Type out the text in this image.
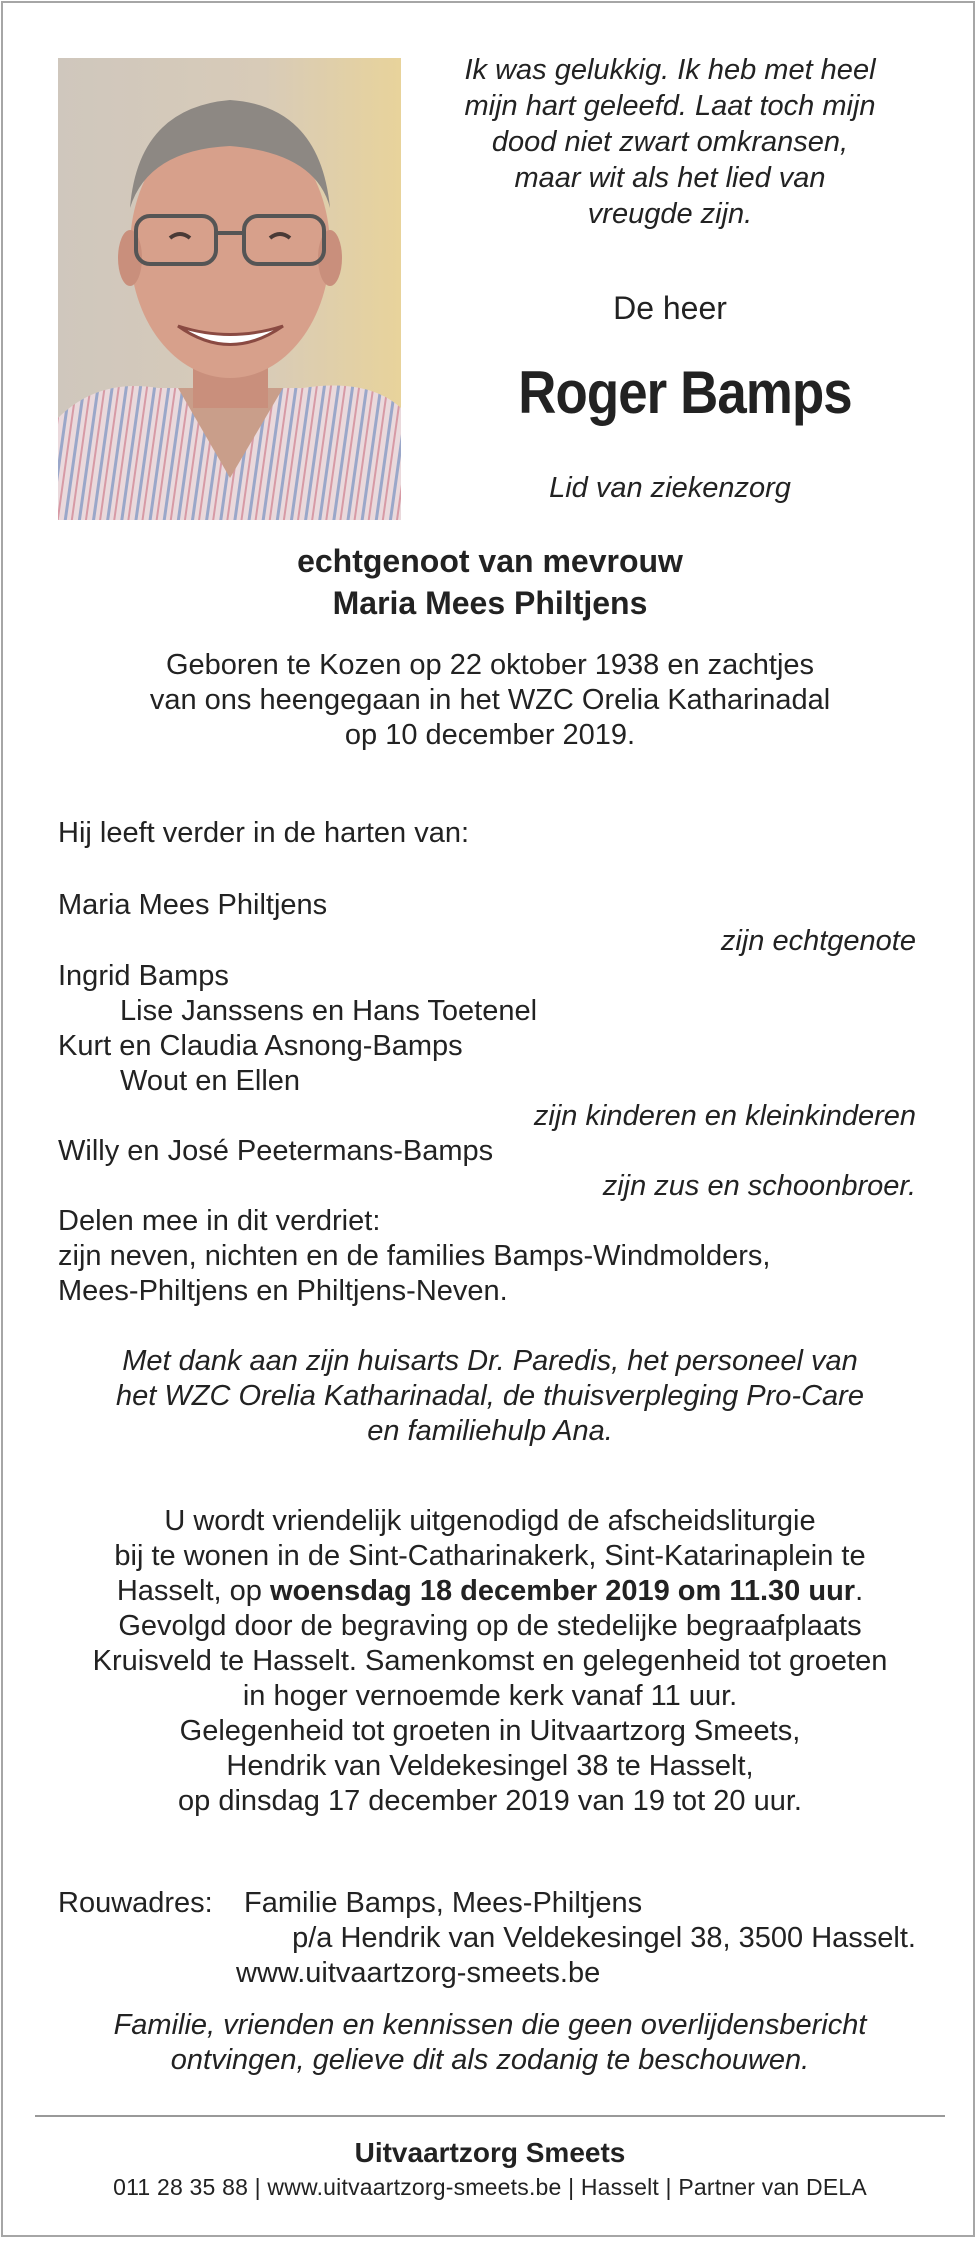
Ik was gelukkig. Ik heb met heel
mijn hart geleefd. Laat toch mijn
dood niet zwart omkransen,
maar wit als het lied van
vreugde zijn.
De heer
Roger Bamps
Lid van ziekenzorg
echtgenoot van mevrouw
Maria Mees Philtjens
Geboren te Kozen op 22 oktober 1938 en zachtjes
van ons heengegaan in het WZC Orelia Katharinadal
op 10 december 2019.
Hij leeft verder in de harten van:
Maria Mees Philtjens
zijn echtgenote
Ingrid Bamps
Lise Janssens en Hans Toetenel
Kurt en Claudia Asnong-Bamps
Wout en Ellen
zijn kinderen en kleinkinderen
Willy en José Peetermans-Bamps
zijn zus en schoonbroer.
Delen mee in dit verdriet:
zijn neven, nichten en de families Bamps-Windmolders,
Mees-Philtjens en Philtjens-Neven.
Met dank aan zijn huisarts Dr. Paredis, het personeel van
het WZC Orelia Katharinadal, de thuisverpleging Pro-Care
en familiehulp Ana.
U wordt vriendelijk uitgenodigd de afscheidsliturgie
bij te wonen in de Sint-Catharinakerk, Sint-Katarinaplein te
Hasselt, op woensdag 18 december 2019 om 11.30 uur.
Gevolgd door de begraving op de stedelijke begraafplaats
Kruisveld te Hasselt. Samenkomst en gelegenheid tot groeten
in hoger vernoemde kerk vanaf 11 uur.
Gelegenheid tot groeten in Uitvaartzorg Smeets,
Hendrik van Veldekesingel 38 te Hasselt,
op dinsdag 17 december 2019 van 19 tot 20 uur.
Rouwadres: Familie Bamps, Mees-Philtjens
p/a Hendrik van Veldekesingel 38, 3500 Hasselt.
www.uitvaartzorg-smeets.be
Familie, vrienden en kennissen die geen overlijdensbericht
ontvingen, gelieve dit als zodanig te beschouwen.
Uitvaartzorg Smeets
011 28 35 88 | www.uitvaartzorg-smeets.be | Hasselt | Partner van DELA
